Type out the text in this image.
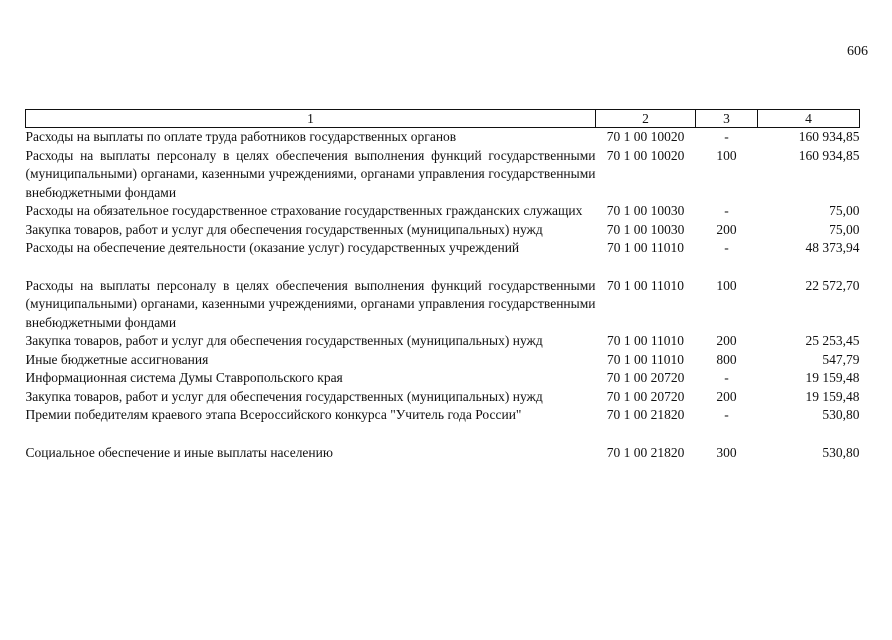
606
1	2	3	4
Расходы на выплаты по оплате труда работников государственных органов	70 1 00 10020	-	160 934,85
Расходы на выплаты персоналу в целях обеспечения выполнения функций государственными (муниципальными) органами, казенными учреждениями, органами управления государственными внебюджетными фондами	70 1 00 10020	100	160 934,85
Расходы на обязательное государственное страхование государственных гражданских служащих	70 1 00 10030	-	75,00
Закупка товаров, работ и услуг для обеспечения государственных (муниципальных) нужд	70 1 00 10030	200	75,00
Расходы на обеспечение деятельности (оказание услуг) государственных учреждений	70 1 00 11010	-	48 373,94
Расходы на выплаты персоналу в целях обеспечения выполнения функций государственными (муниципальными) органами, казенными учреждениями, органами управления государственными внебюджетными фондами	70 1 00 11010	100	22 572,70
Закупка товаров, работ и услуг для обеспечения государственных (муниципальных) нужд	70 1 00 11010	200	25 253,45
Иные бюджетные ассигнования	70 1 00 11010	800	547,79
Информационная система Думы Ставропольского края	70 1 00 20720	-	19 159,48
Закупка товаров, работ и услуг для обеспечения государственных (муниципальных) нужд	70 1 00 20720	200	19 159,48
Премии победителям краевого этапа Всероссийского конкурса "Учитель года России"	70 1 00 21820	-	530,80
Социальное обеспечение и иные выплаты населению	70 1 00 21820	300	530,80
